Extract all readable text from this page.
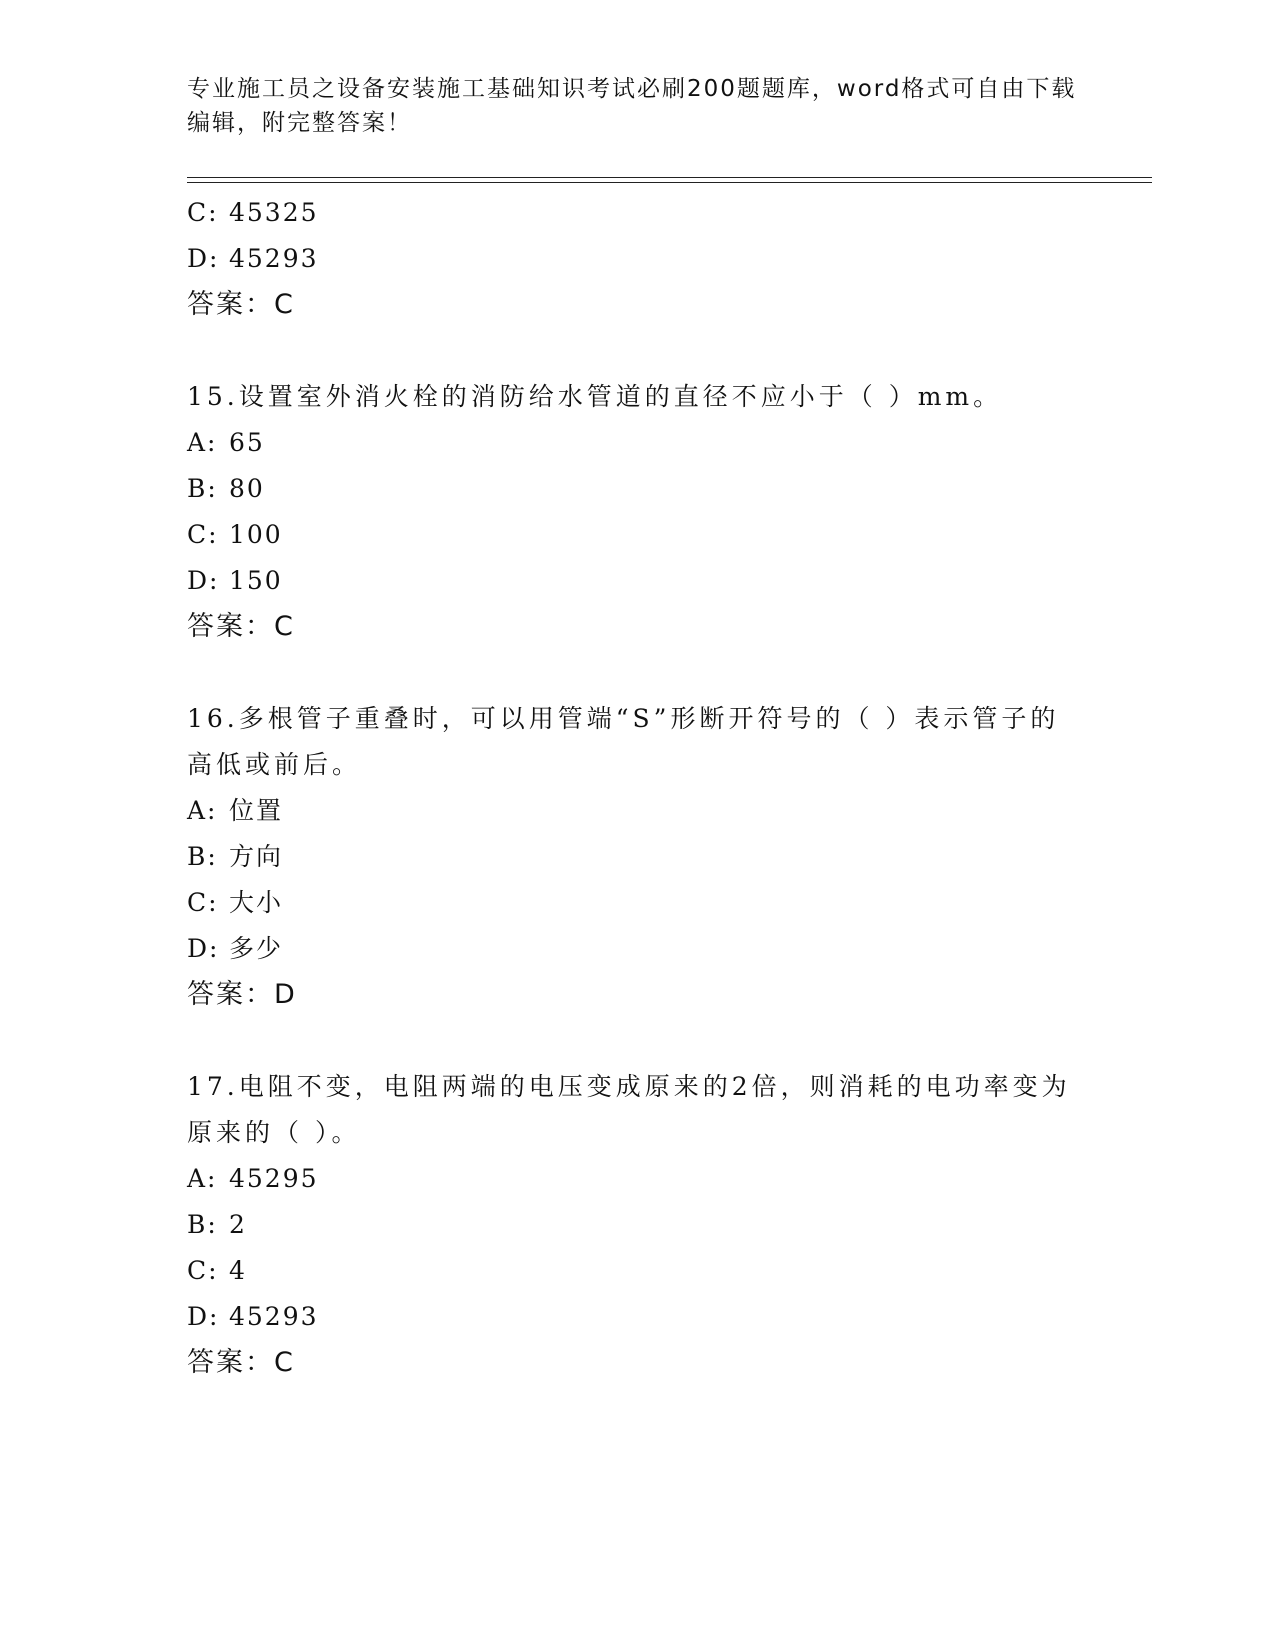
专业施工员之设备安装施工基础知识考试必刷200题题库，word格式可自由下载
编辑，附完整答案！
C: 45325
D: 45293
答案：C
15.设置室外消火栓的消防给水管道的直径不应小于（ ）mm。
A: 65
B: 80
C: 100
D: 150
答案：C
16.多根管子重叠时，可以用管端“S”形断开符号的（ ）表示管子的
高低或前后。
A: 位置
B: 方向
C: 大小
D: 多少
答案：D
17.电阻不变，电阻两端的电压变成原来的2倍，则消耗的电功率变为
原来的（ ）。
A: 45295
B: 2
C: 4
D: 45293
答案：C
